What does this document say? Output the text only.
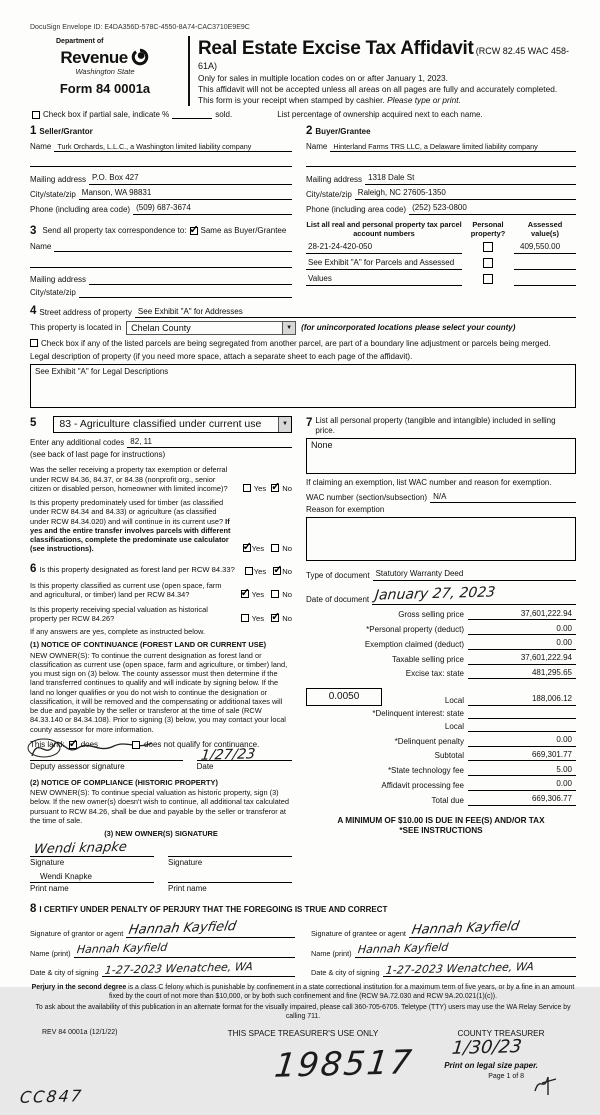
DocuSign Envelope ID: E4DA356D-578C-4550-8A74-CAC3710E9E9C
Department of
Revenue
Washington State
Form 84 0001a
Real Estate Excise Tax Affidavit (RCW 82.45 WAC 458-61A)
Only for sales in multiple location codes on or after January 1, 2023.
This affidavit will not be accepted unless all areas on all pages are fully and accurately completed.
This form is your receipt when stamped by cashier. Please type or print.
Check box if partial sale, indicate %	sold.	List percentage of ownership acquired next to each name.
1 Seller/Grantor
Name Turk Orchards, L.L.C., a Washington limited liability company
Mailing address P.O. Box 427
City/state/zip Manson, WA 98831
Phone (including area code) (509) 687-3674
3 Send all property tax correspondence to:
✓ Same as Buyer/Grantee
Name
Mailing address
City/state/zip
2 Buyer/Grantee
Name Hinterland Farms TRS LLC, a Delaware limited liability company
Mailing address 1318 Dale St
City/state/zip Raleigh, NC 27605-1350
Phone (including area code) (252) 523-0800
List all real and personal property tax parcel account numbers
Personal property?
Assessed value(s)
28-21-24-420-050	409,550.00
See Exhibit "A" for Parcels and Assessed
Values
4 Street address of property See Exhibit "A" for Addresses
This property is located in Chelan County	▼	(for unincorporated locations please select your county)
Check box if any of the listed parcels are being segregated from another parcel, are part of a boundary line adjustment or parcels being merged.
Legal description of property (if you need more space, attach a separate sheet to each page of the affidavit).
See Exhibit "A" for Legal Descriptions
5 83 - Agriculture classified under current use	▼
Enter any additional codes 82, 11
(see back of last page for instructions)
Was the seller receiving a property tax exemption or deferral under RCW 84.36, 84.37, or 84.38 (nonprofit org., senior citizen or disabled person, homeowner with limited income)?	Yes ✓ No
Is this property predominately used for timber (as classified under RCW 84.34 and 84.33) or agriculture (as classified under RCW 84.34.020) and will continue in its current use? If yes and the entire transfer involves parcels with different classifications, complete the predominate use calculator (see instructions). ✓	Yes No
6 Is this property designated as forest land per RCW 84.33?	Yes ✓ No
Is this property classified as current use (open space, farm and agricultural, or timber) land per RCW 84.34? ✓	Yes No
Is this property receiving special valuation as historical property per RCW 84.26?	Yes ✓ No
If any answers are yes, complete as instructed below.
(1) NOTICE OF CONTINUANCE (FOREST LAND OR CURRENT USE)
NEW OWNER(S): To continue the current designation as forest land or classification as current use (open space, farm and agriculture, or timber) land, you must sign on (3) below. The county assessor must then determine if the land transferred continues to qualify and will indicate by signing below. If the land no longer qualifies or you do not wish to continue the designation or classification, it will be removed and the compensating or additional taxes will be due and payable by the seller or transferor at the time of sale (RCW 84.33.140 or 84.34.108). Prior to signing (3) below, you may contact your local county assessor for more information.
This land: ✓ does	does not qualify for continuance.
Deputy assessor signature
1/27/23
Date
(2) NOTICE OF COMPLIANCE (HISTORIC PROPERTY)
NEW OWNER(S): To continue special valuation as historic property, sign (3) below. If the new owner(s) doesn't wish to continue, all additional tax calculated pursuant to RCW 84.26, shall be due and payable by the seller or transferor at the time of sale.
(3) NEW OWNER(S) SIGNATURE
Wendi knapke
Signature	Signature
Wendi Knapke
Print name	Print name
7 List all personal property (tangible and intangible) included in selling price.
None
If claiming an exemption, list WAC number and reason for exemption.
WAC number (section/subsection) N/A
Reason for exemption
Type of document Statutory Warranty Deed
Date of document January 27, 2023
Gross selling price	37,601,222.94
*Personal property (deduct)	0.00
Exemption claimed (deduct)	0.00
Taxable selling price	37,601,222.94
Excise tax: state	481,295.65
0.0050	Local	188,006.12
*Delinquent interest: state
Local
*Delinquent penalty	0.00
Subtotal	669,301.77
*State technology fee	5.00
Affidavit processing fee	0.00
Total due	669,306.77
A MINIMUM OF $10.00 IS DUE IN FEE(S) AND/OR TAX
*SEE INSTRUCTIONS
8 I CERTIFY UNDER PENALTY OF PERJURY THAT THE FOREGOING IS TRUE AND CORRECT
Signature of grantor or agent Hannah Kayfield
Name (print) Hannah Kayfield
Date & city of signing 1-27-2023 Wenatchee, WA
Signature of grantee or agent Hannah Kayfield
Name (print) Hannah Kayfield
Date & city of signing 1-27-2023 Wenatchee, WA
Perjury in the second degree is a class C felony which is punishable by confinement in a state correctional institution for a maximum term of five years, or by a fine in an amount fixed by the court of not more than $10,000, or by both such confinement and fine (RCW 9A.72.030 and RCW 9A.20.021(1)(c)).
To ask about the availability of this publication in an alternate format for the visually impaired, please call 360-705-6705. Teletype (TTY) users may use the WA Relay Service by calling 711.
REV 84 0001a (12/1/22)	THIS SPACE TREASURER'S USE ONLY	COUNTY TREASURER
198517 1/30/23
Print on legal size paper.
Page 1 of 8
CC847
